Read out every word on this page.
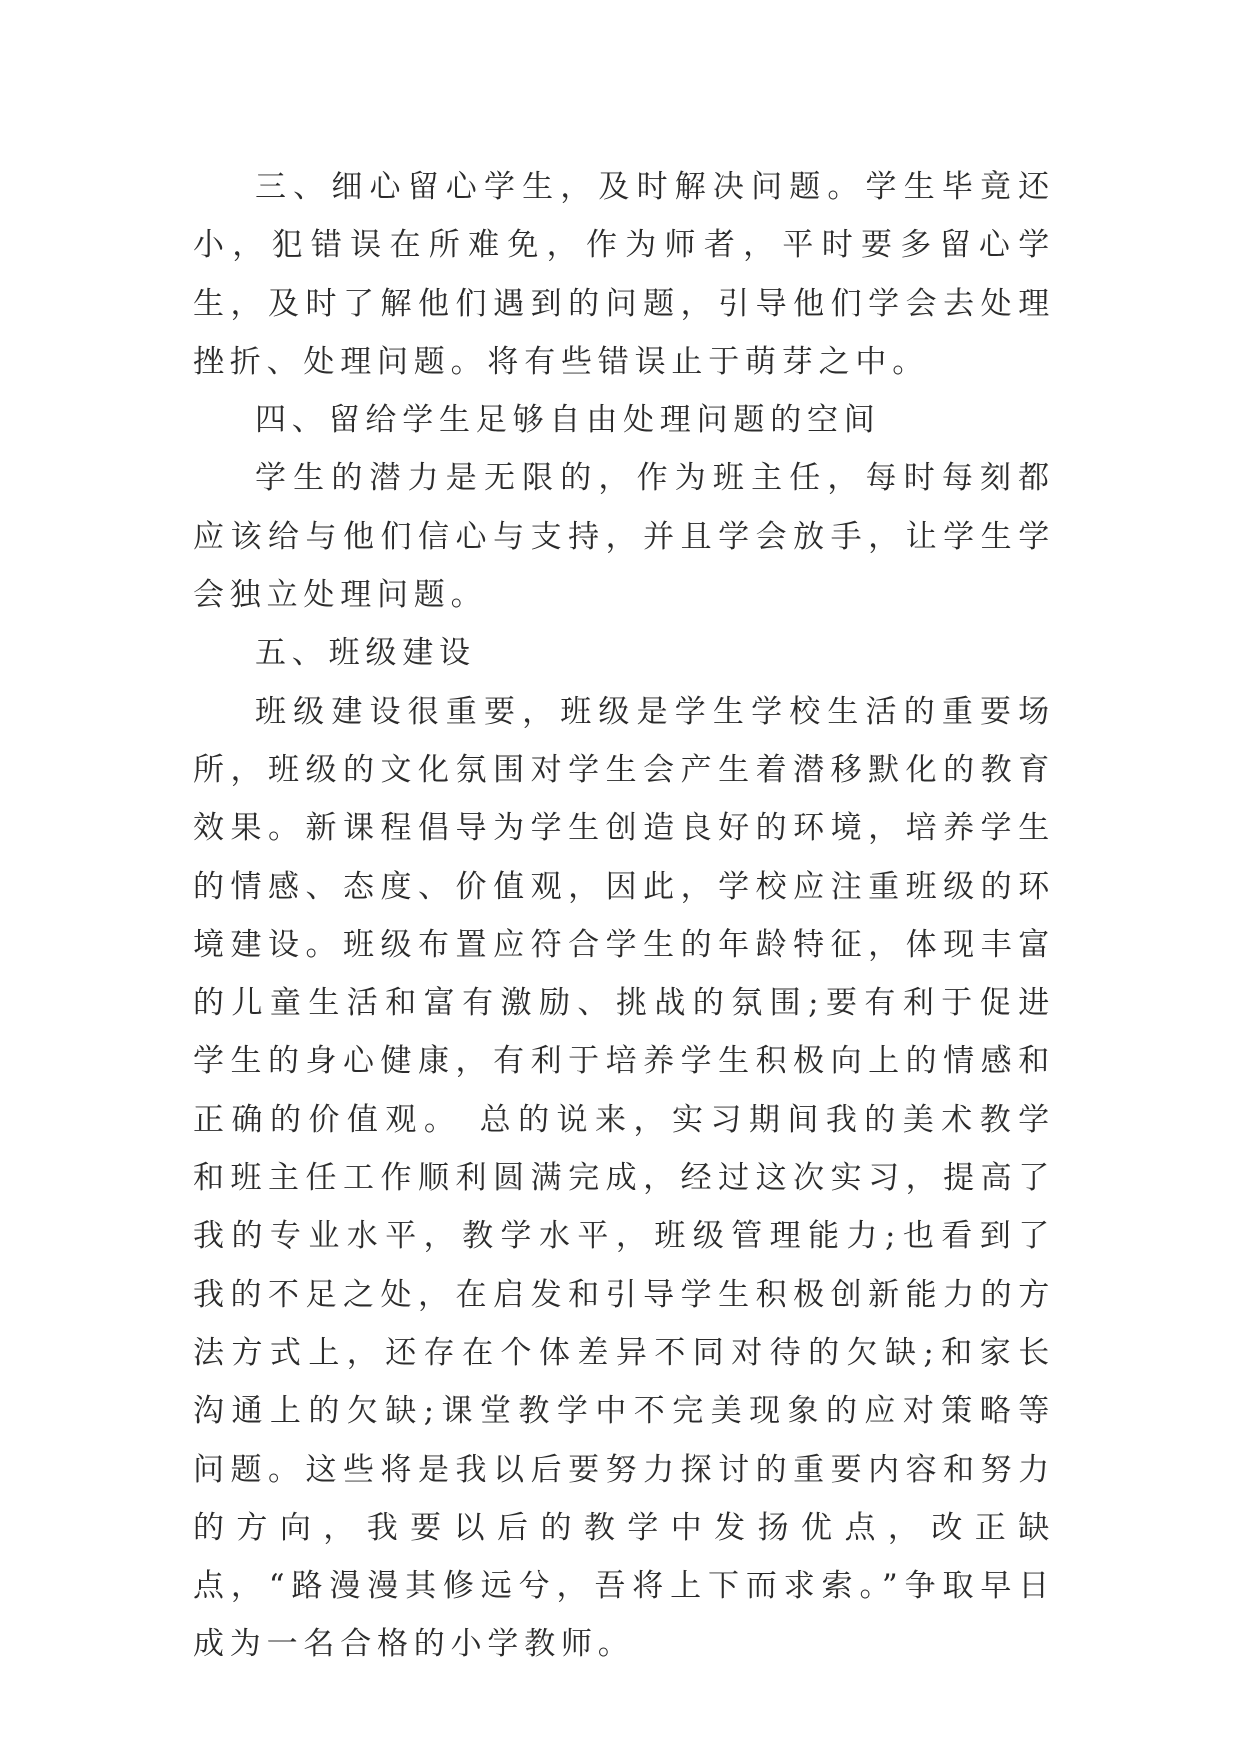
三、细心留心学生，及时解决问题。学生毕竟还小，犯错误在所难免，作为师者，平时要多留心学生，及时了解他们遇到的问题，引导他们学会去处理挫折、处理问题。将有些错误止于萌芽之中。

四、留给学生足够自由处理问题的空间

学生的潜力是无限的，作为班主任，每时每刻都应该给与他们信心与支持，并且学会放手，让学生学会独立处理问题。

五、班级建设

班级建设很重要，班级是学生学校生活的重要场所，班级的文化氛围对学生会产生着潜移默化的教育效果。新课程倡导为学生创造良好的环境，培养学生的情感、态度、价值观，因此，学校应注重班级的环境建设。班级布置应符合学生的年龄特征，体现丰富的儿童生活和富有激励、挑战的氛围;要有利于促进学生的身心健康，有利于培养学生积极向上的情感和正确的价值观。 总的说来，实习期间我的美术教学和班主任工作顺利圆满完成，经过这次实习，提高了我的专业水平，教学水平，班级管理能力;也看到了我的不足之处，在启发和引导学生积极创新能力的方法方式上，还存在个体差异不同对待的欠缺;和家长沟通上的欠缺;课堂教学中不完美现象的应对策略等问题。这些将是我以后要努力探讨的重要内容和努力的方向，我要以后的教学中发扬优点，改正缺点，“路漫漫其修远兮，吾将上下而求索。”争取早日成为一名合格的小学教师。
